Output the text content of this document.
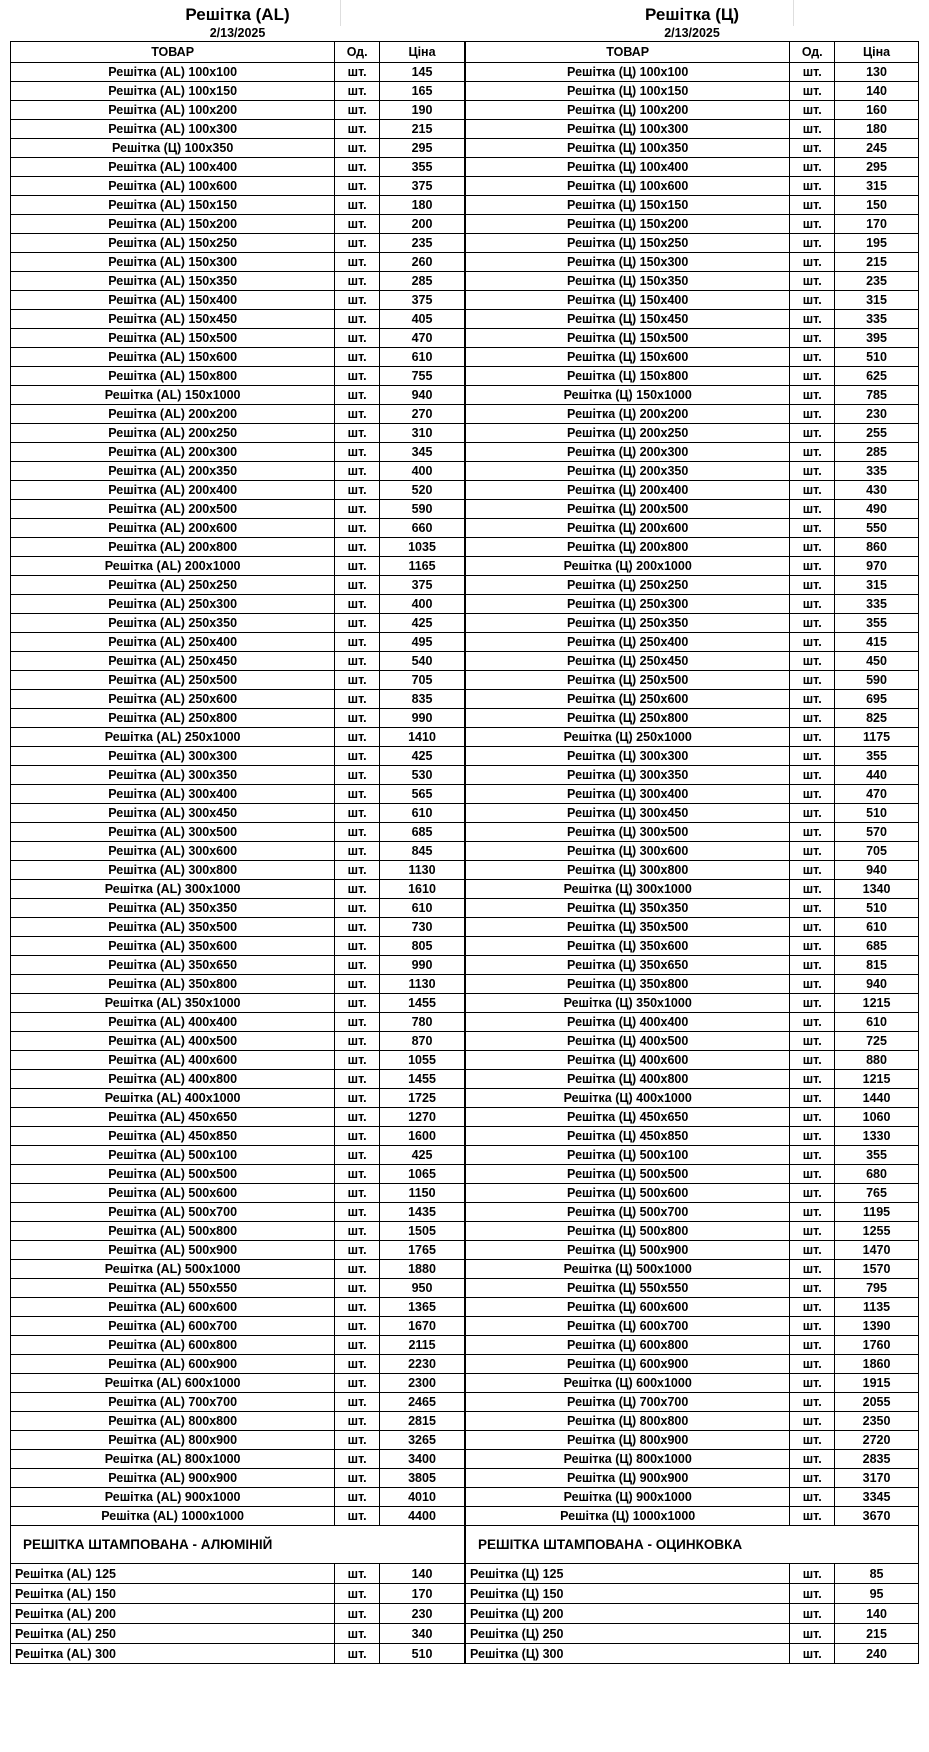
Решітка (AL)
2/13/2025
ТОВАР	Од.	Ціна
Решітка (AL) 100x100	шт.	145
Решітка (AL) 100x150	шт.	165
Решітка (AL) 100x200	шт.	190
Решітка (AL) 100x300	шт.	215
Решітка (Ц) 100x350	шт.	295
Решітка (AL) 100x400	шт.	355
Решітка (AL) 100x600	шт.	375
Решітка (AL) 150x150	шт.	180
Решітка (AL) 150x200	шт.	200
Решітка (AL) 150x250	шт.	235
Решітка (AL) 150x300	шт.	260
Решітка (AL) 150x350	шт.	285
Решітка (AL) 150x400	шт.	375
Решітка (AL) 150x450	шт.	405
Решітка (AL) 150x500	шт.	470
Решітка (AL) 150x600	шт.	610
Решітка (AL) 150x800	шт.	755
Решітка (AL) 150x1000	шт.	940
Решітка (AL) 200x200	шт.	270
Решітка (AL) 200x250	шт.	310
Решітка (AL) 200x300	шт.	345
Решітка (AL) 200x350	шт.	400
Решітка (AL) 200x400	шт.	520
Решітка (AL) 200x500	шт.	590
Решітка (AL) 200x600	шт.	660
Решітка (AL) 200x800	шт.	1035
Решітка (AL) 200x1000	шт.	1165
Решітка (AL) 250x250	шт.	375
Решітка (AL) 250x300	шт.	400
Решітка (AL) 250x350	шт.	425
Решітка (AL) 250x400	шт.	495
Решітка (AL) 250x450	шт.	540
Решітка (AL) 250x500	шт.	705
Решітка (AL) 250x600	шт.	835
Решітка (AL) 250x800	шт.	990
Решітка (AL) 250x1000	шт.	1410
Решітка (AL) 300x300	шт.	425
Решітка (AL) 300x350	шт.	530
Решітка (AL) 300x400	шт.	565
Решітка (AL) 300x450	шт.	610
Решітка (AL) 300x500	шт.	685
Решітка (AL) 300x600	шт.	845
Решітка (AL) 300x800	шт.	1130
Решітка (AL) 300x1000	шт.	1610
Решітка (AL) 350x350	шт.	610
Решітка (AL) 350x500	шт.	730
Решітка (AL) 350x600	шт.	805
Решітка (AL) 350x650	шт.	990
Решітка (AL) 350x800	шт.	1130
Решітка (AL) 350x1000	шт.	1455
Решітка (AL) 400x400	шт.	780
Решітка (AL) 400x500	шт.	870
Решітка (AL) 400x600	шт.	1055
Решітка (AL) 400x800	шт.	1455
Решітка (AL) 400x1000	шт.	1725
Решітка (AL) 450x650	шт.	1270
Решітка (AL) 450x850	шт.	1600
Решітка (AL) 500x100	шт.	425
Решітка (AL) 500x500	шт.	1065
Решітка (AL) 500x600	шт.	1150
Решітка (AL) 500x700	шт.	1435
Решітка (AL) 500x800	шт.	1505
Решітка (AL) 500x900	шт.	1765
Решітка (AL) 500x1000	шт.	1880
Решітка (AL) 550x550	шт.	950
Решітка (AL) 600x600	шт.	1365
Решітка (AL) 600x700	шт.	1670
Решітка (AL) 600x800	шт.	2115
Решітка (AL) 600x900	шт.	2230
Решітка (AL) 600x1000	шт.	2300
Решітка (AL) 700x700	шт.	2465
Решітка (AL) 800x800	шт.	2815
Решітка (AL) 800x900	шт.	3265
Решітка (AL) 800x1000	шт.	3400
Решітка (AL) 900x900	шт.	3805
Решітка (AL) 900x1000	шт.	4010
Решітка (AL) 1000x1000	шт.	4400
РЕШІТКА ШТАМПОВАНА - АЛЮМІНІЙ
Решітка (AL) 125	шт.	140
Решітка (AL) 150	шт.	170
Решітка (AL) 200	шт.	230
Решітка (AL) 250	шт.	340
Решітка (AL) 300	шт.	510
Решітка (Ц)
2/13/2025
ТОВАР	Од.	Ціна
Решітка (Ц) 100x100	шт.	130
Решітка (Ц) 100x150	шт.	140
Решітка (Ц) 100x200	шт.	160
Решітка (Ц) 100x300	шт.	180
Решітка (Ц) 100x350	шт.	245
Решітка (Ц) 100x400	шт.	295
Решітка (Ц) 100x600	шт.	315
Решітка (Ц) 150x150	шт.	150
Решітка (Ц) 150x200	шт.	170
Решітка (Ц) 150x250	шт.	195
Решітка (Ц) 150x300	шт.	215
Решітка (Ц) 150x350	шт.	235
Решітка (Ц) 150x400	шт.	315
Решітка (Ц) 150x450	шт.	335
Решітка (Ц) 150x500	шт.	395
Решітка (Ц) 150x600	шт.	510
Решітка (Ц) 150x800	шт.	625
Решітка (Ц) 150x1000	шт.	785
Решітка (Ц) 200x200	шт.	230
Решітка (Ц) 200x250	шт.	255
Решітка (Ц) 200x300	шт.	285
Решітка (Ц) 200x350	шт.	335
Решітка (Ц) 200x400	шт.	430
Решітка (Ц) 200x500	шт.	490
Решітка (Ц) 200x600	шт.	550
Решітка (Ц) 200x800	шт.	860
Решітка (Ц) 200x1000	шт.	970
Решітка (Ц) 250x250	шт.	315
Решітка (Ц) 250x300	шт.	335
Решітка (Ц) 250x350	шт.	355
Решітка (Ц) 250x400	шт.	415
Решітка (Ц) 250x450	шт.	450
Решітка (Ц) 250x500	шт.	590
Решітка (Ц) 250x600	шт.	695
Решітка (Ц) 250x800	шт.	825
Решітка (Ц) 250x1000	шт.	1175
Решітка (Ц) 300x300	шт.	355
Решітка (Ц) 300x350	шт.	440
Решітка (Ц) 300x400	шт.	470
Решітка (Ц) 300x450	шт.	510
Решітка (Ц) 300x500	шт.	570
Решітка (Ц) 300x600	шт.	705
Решітка (Ц) 300x800	шт.	940
Решітка (Ц) 300x1000	шт.	1340
Решітка (Ц) 350x350	шт.	510
Решітка (Ц) 350x500	шт.	610
Решітка (Ц) 350x600	шт.	685
Решітка (Ц) 350x650	шт.	815
Решітка (Ц) 350x800	шт.	940
Решітка (Ц) 350x1000	шт.	1215
Решітка (Ц) 400x400	шт.	610
Решітка (Ц) 400x500	шт.	725
Решітка (Ц) 400x600	шт.	880
Решітка (Ц) 400x800	шт.	1215
Решітка (Ц) 400x1000	шт.	1440
Решітка (Ц) 450x650	шт.	1060
Решітка (Ц) 450x850	шт.	1330
Решітка (Ц) 500x100	шт.	355
Решітка (Ц) 500x500	шт.	680
Решітка (Ц) 500x600	шт.	765
Решітка (Ц) 500x700	шт.	1195
Решітка (Ц) 500x800	шт.	1255
Решітка (Ц) 500x900	шт.	1470
Решітка (Ц) 500x1000	шт.	1570
Решітка (Ц) 550x550	шт.	795
Решітка (Ц) 600x600	шт.	1135
Решітка (Ц) 600x700	шт.	1390
Решітка (Ц) 600x800	шт.	1760
Решітка (Ц) 600x900	шт.	1860
Решітка (Ц) 600x1000	шт.	1915
Решітка (Ц) 700x700	шт.	2055
Решітка (Ц) 800x800	шт.	2350
Решітка (Ц) 800x900	шт.	2720
Решітка (Ц) 800x1000	шт.	2835
Решітка (Ц) 900x900	шт.	3170
Решітка (Ц) 900x1000	шт.	3345
Решітка (Ц) 1000x1000	шт.	3670
РЕШІТКА ШТАМПОВАНА - ОЦИНКОВКА
Решітка (Ц) 125	шт.	85
Решітка (Ц) 150	шт.	95
Решітка (Ц) 200	шт.	140
Решітка (Ц) 250	шт.	215
Решітка (Ц) 300	шт.	240
